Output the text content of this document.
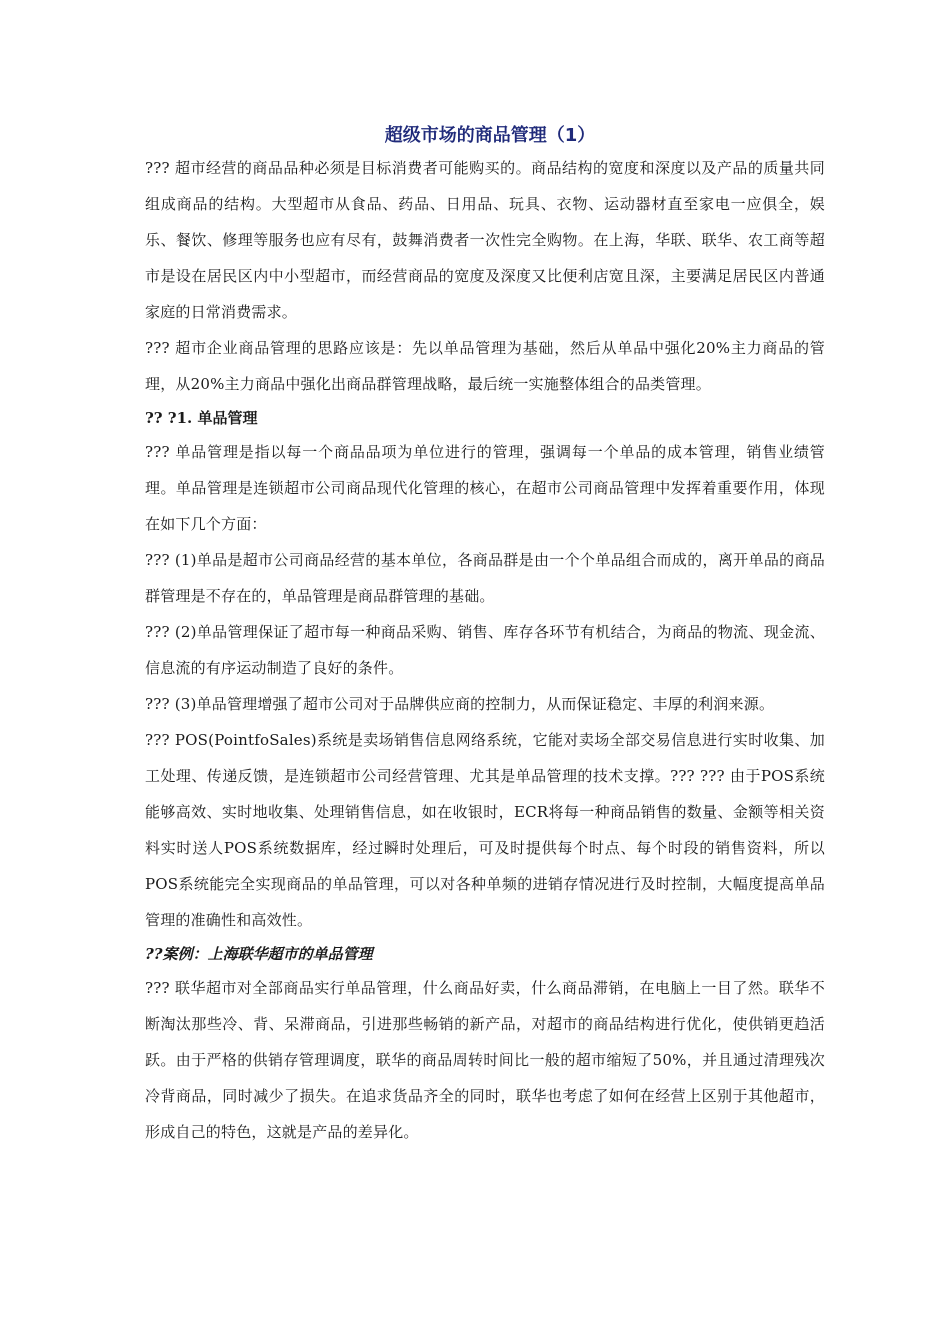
超级市场的商品管理（1）

??? 超市经营的商品品种必须是目标消费者可能购买的。商品结构的宽度和深度以及产品的质量共同组成商品的结构。大型超市从食品、药品、日用品、玩具、衣物、运动器材直至家电一应俱全，娱乐、餐饮、修理等服务也应有尽有，鼓舞消费者一次性完全购物。在上海，华联、联华、农工商等超市是设在居民区内中小型超市，而经营商品的宽度及深度又比便利店宽且深，主要满足居民区内普通家庭的日常消费需求。

??? 超市企业商品管理的思路应该是：先以单品管理为基础，然后从单品中强化20%主力商品的管理，从20%主力商品中强化出商品群管理战略，最后统一实施整体组合的品类管理。

?? ?1. 单品管理

??? 单品管理是指以每一个商品品项为单位进行的管理，强调每一个单品的成本管理，销售业绩管理。单品管理是连锁超市公司商品现代化管理的核心，在超市公司商品管理中发挥着重要作用，体现在如下几个方面：

??? (1)单品是超市公司商品经营的基本单位，各商品群是由一个个单品组合而成的，离开单品的商品群管理是不存在的，单品管理是商品群管理的基础。

??? (2)单品管理保证了超市每一种商品采购、销售、库存各环节有机结合，为商品的物流、现金流、信息流的有序运动制造了良好的条件。

??? (3)单品管理增强了超市公司对于品牌供应商的控制力，从而保证稳定、丰厚的利润来源。

??? POS(PointfoSales)系统是卖场销售信息网络系统，它能对卖场全部交易信息进行实时收集、加工处理、传递反馈，是连锁超市公司经营管理、尤其是单品管理的技术支撑。??? ??? 由于POS系统能够高效、实时地收集、处理销售信息，如在收银时，ECR将每一种商品销售的数量、金额等相关资料实时送人POS系统数据库，经过瞬时处理后，可及时提供每个时点、每个时段的销售资料，所以POS系统能完全实现商品的单品管理，可以对各种单频的进销存情况进行及时控制，大幅度提高单品管理的准确性和高效性。

??案例：上海联华超市的单品管理

??? 联华超市对全部商品实行单品管理，什么商品好卖，什么商品滞销，在电脑上一目了然。联华不断淘汰那些冷、背、呆滞商品，引进那些畅销的新产品，对超市的商品结构进行优化，使供销更趋活跃。由于严格的供销存管理调度，联华的商品周转时间比一般的超市缩短了50%，并且通过清理残次冷背商品，同时减少了损失。在追求货品齐全的同时，联华也考虑了如何在经营上区别于其他超市，形成自己的特色，这就是产品的差异化。
